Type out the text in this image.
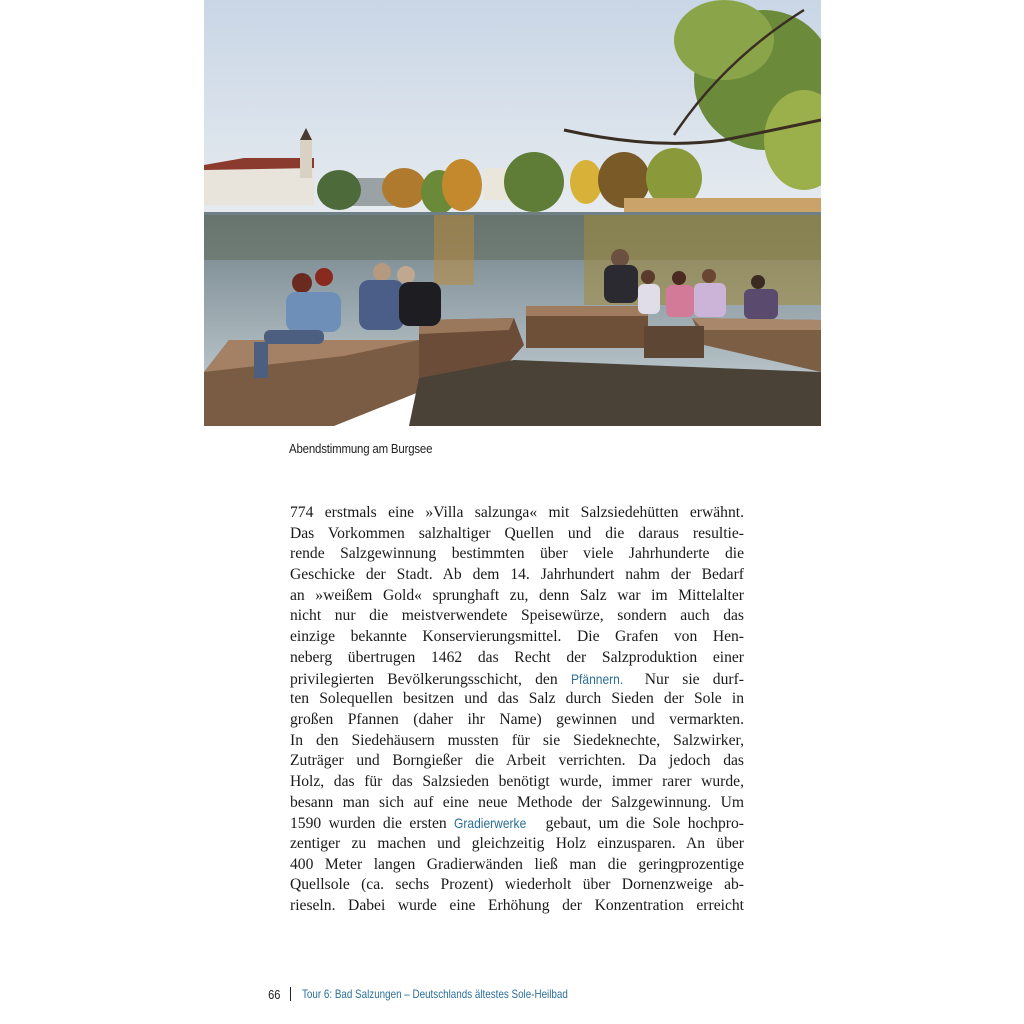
Abendstimmung am Burgsee
774 erstmals eine »Villa salzunga« mit Salzsiedehütten erwähnt.
Das Vorkommen salzhaltiger Quellen und die daraus resultie-
rende Salzgewinnung bestimmten über viele Jahrhunderte die
Geschicke der Stadt. Ab dem 14. Jahrhundert nahm der Bedarf
an »weißem Gold« sprunghaft zu, denn Salz war im Mittelalter
nicht nur die meistverwendete Speisewürze, sondern auch das
einzige bekannte Konservierungsmittel. Die Grafen von Hen-
neberg übertrugen 1462 das Recht der Salzproduktion einer
privilegierten Bevölkerungsschicht, den Pfännern. Nur sie durf-
ten Solequellen besitzen und das Salz durch Sieden der Sole in
großen Pfannen (daher ihr Name) gewinnen und vermarkten.
In den Siedehäusern mussten für sie Siedeknechte, Salzwirker,
Zuträger und Borngießer die Arbeit verrichten. Da jedoch das
Holz, das für das Salzsieden benötigt wurde, immer rarer wurde,
besann man sich auf eine neue Methode der Salzgewinnung. Um
1590 wurden die ersten Gradierwerke gebaut, um die Sole hochpro-
zentiger zu machen und gleichzeitig Holz einzusparen. An über
400 Meter langen Gradierwänden ließ man die geringprozentige
Quellsole (ca. sechs Prozent) wiederholt über Dornenzweige ab-
rieseln. Dabei wurde eine Erhöhung der Konzentration erreicht
66 Tour 6: Bad Salzungen – Deutschlands ältestes Sole-Heilbad
